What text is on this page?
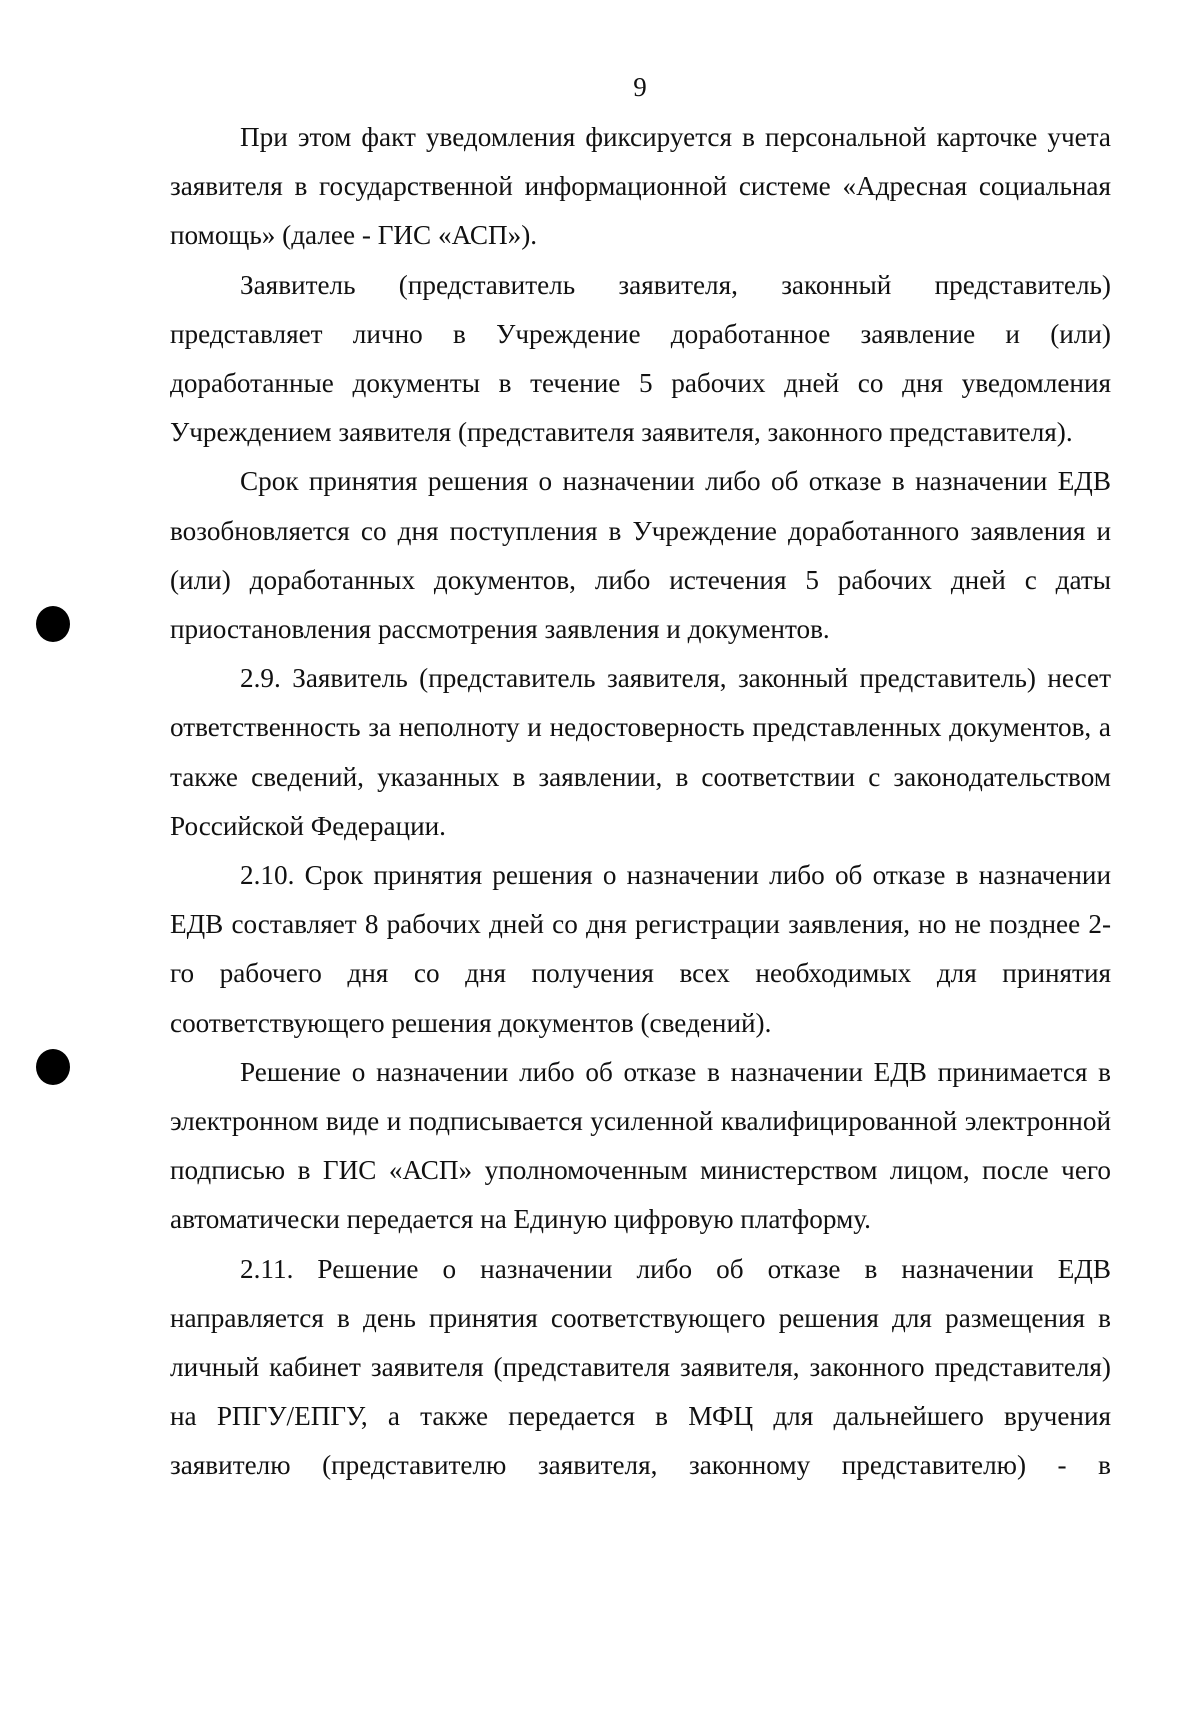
9

При этом факт уведомления фиксируется в персональной карточке учета заявителя в государственной информационной системе «Адресная социальная помощь» (далее - ГИС «АСП»).

Заявитель (представитель заявителя, законный представитель) представляет лично в Учреждение доработанное заявление и (или) доработанные документы в течение 5 рабочих дней со дня уведомления Учреждением заявителя (представителя заявителя, законного представителя).

Срок принятия решения о назначении либо об отказе в назначении ЕДВ возобновляется со дня поступления в Учреждение доработанного заявления и (или) доработанных документов, либо истечения 5 рабочих дней с даты приостановления рассмотрения заявления и документов.

2.9. Заявитель (представитель заявителя, законный представитель) несет ответственность за неполноту и недостоверность представленных документов, а также сведений, указанных в заявлении, в соответствии с законодательством Российской Федерации.

2.10. Срок принятия решения о назначении либо об отказе в назначении ЕДВ составляет 8 рабочих дней со дня регистрации заявления, но не позднее 2-го рабочего дня со дня получения всех необходимых для принятия соответствующего решения документов (сведений).

Решение о назначении либо об отказе в назначении ЕДВ принимается в электронном виде и подписывается усиленной квалифицированной электронной подписью в ГИС «АСП» уполномоченным министерством лицом, после чего автоматически передается на Единую цифровую платформу.

2.11. Решение о назначении либо об отказе в назначении ЕДВ направляется в день принятия соответствующего решения для размещения в личный кабинет заявителя (представителя заявителя, законного представителя) на РПГУ/ЕПГУ, а также передается в МФЦ для дальнейшего вручения заявителю (представителю заявителя, законному представителю) - в
